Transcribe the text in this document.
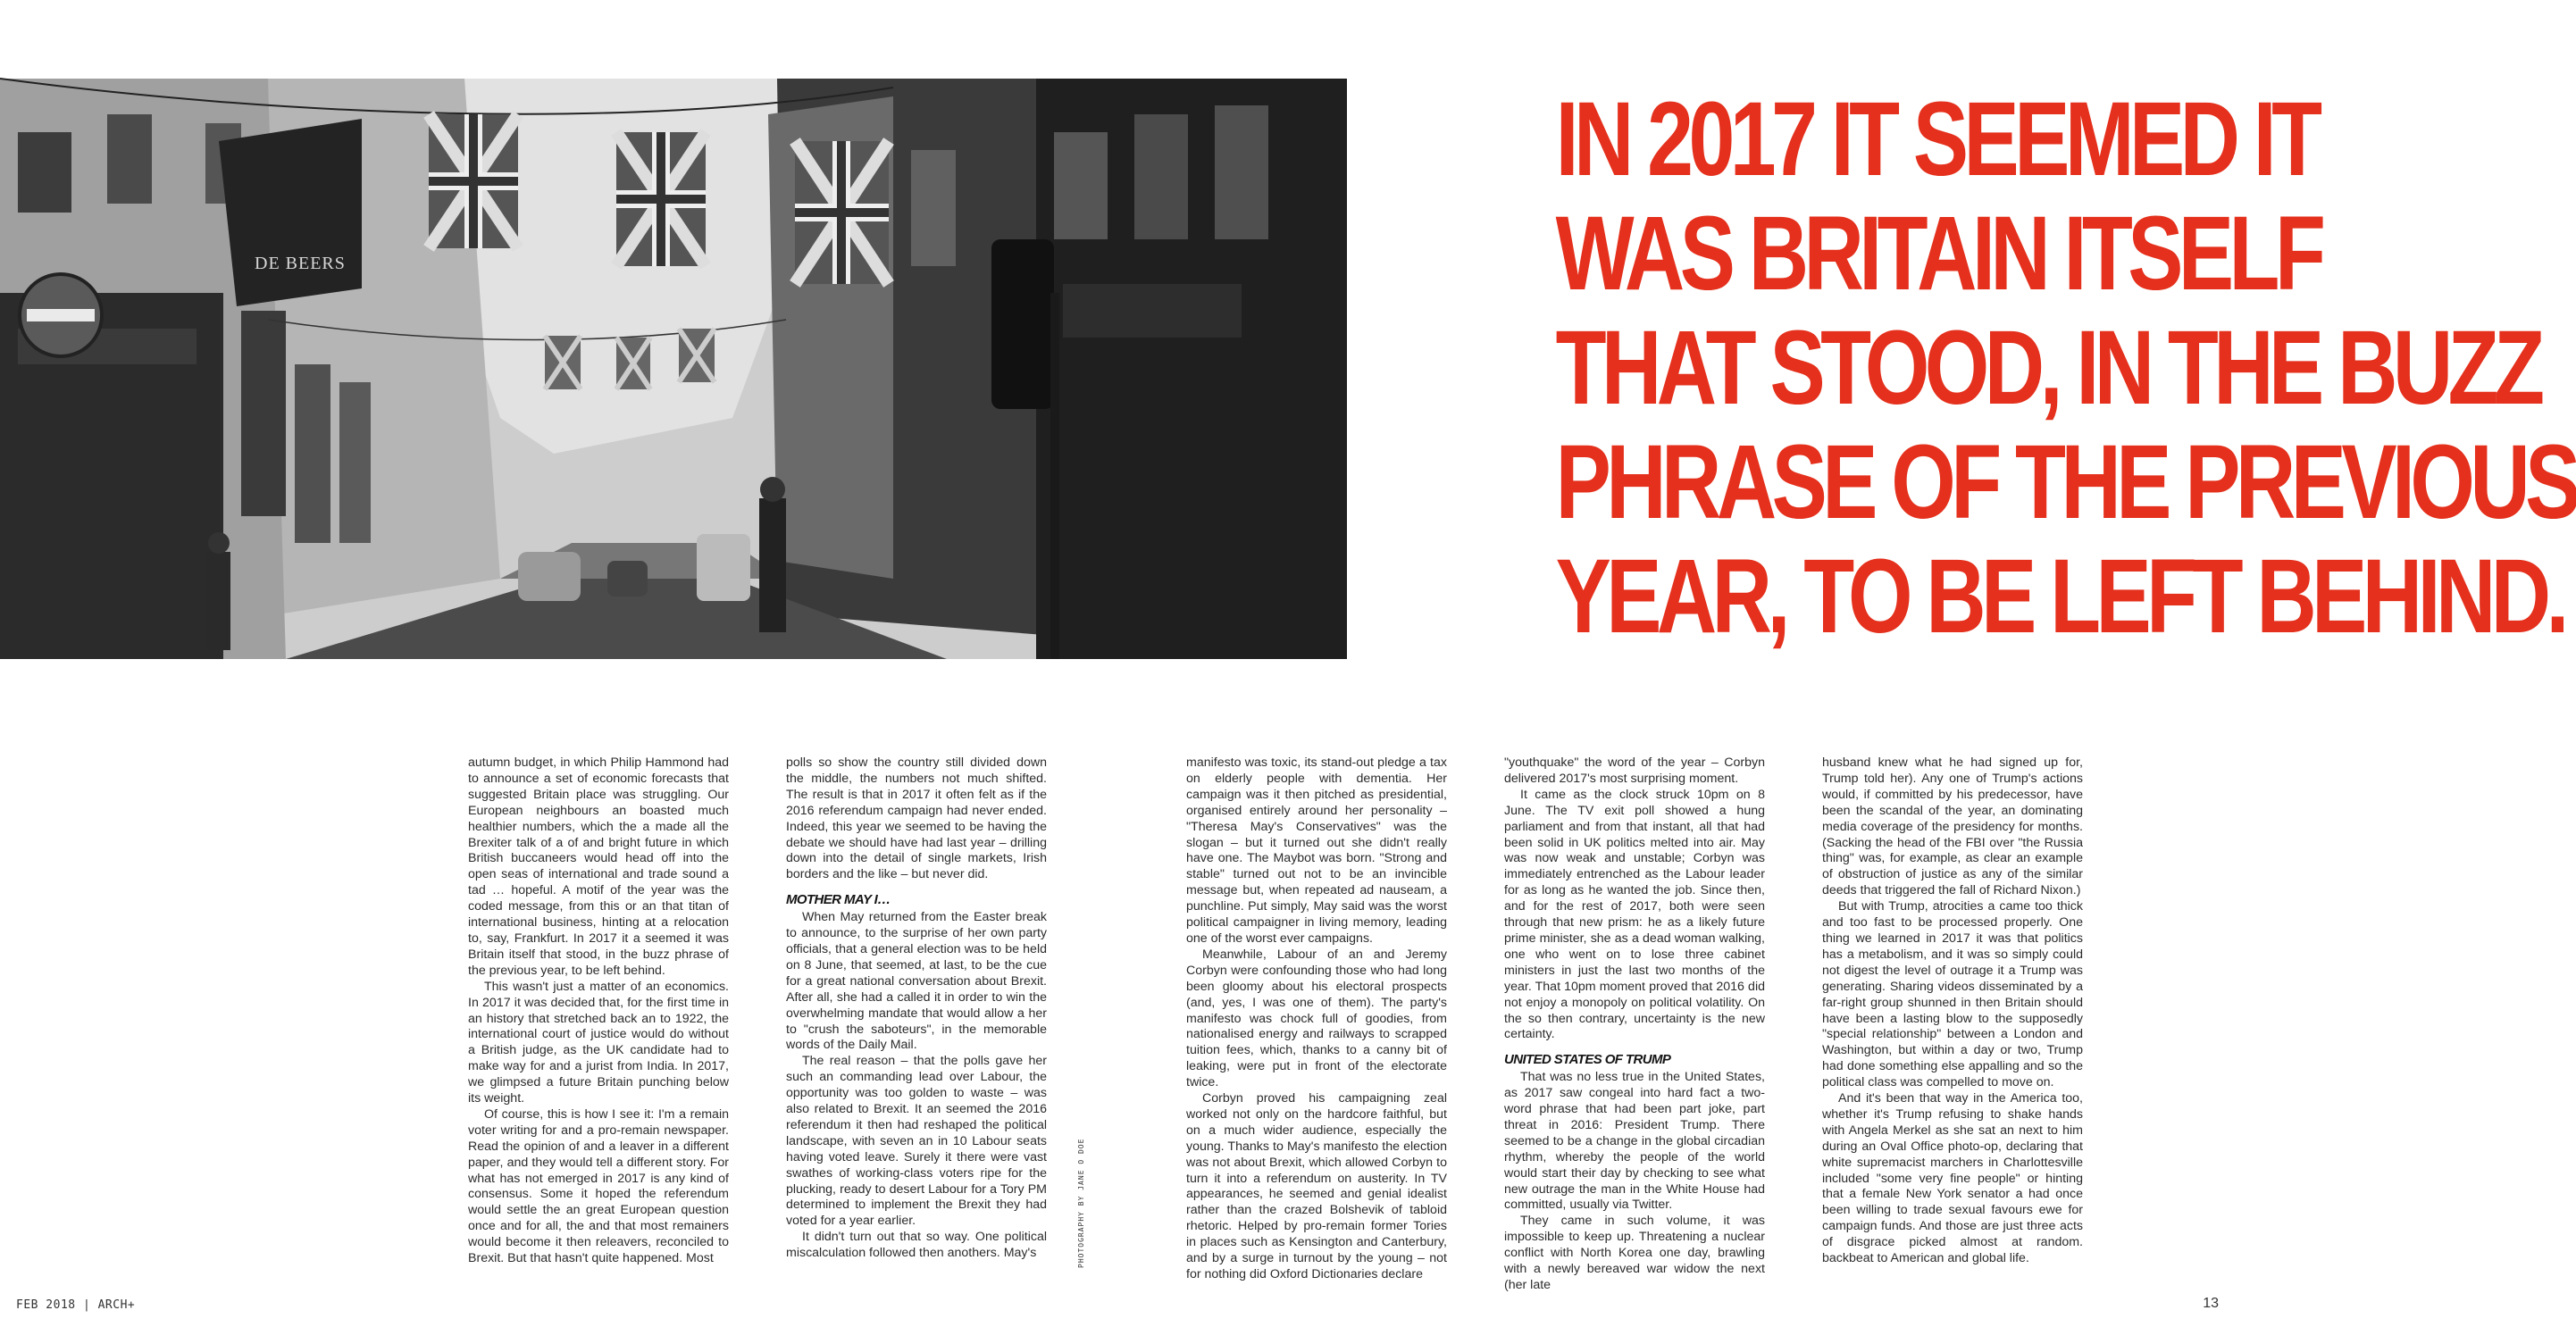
DE BEERS
IN 2017 IT SEEMED IT
WAS BRITAIN ITSELF
THAT STOOD, IN THE BUZZ
PHRASE OF THE PREVIOUS
YEAR, TO BE LEFT BEHIND.

autumn budget, in which Philip Hammond had to announce a set of economic forecasts that suggested Britain place was struggling. Our European neighbours an boasted much healthier numbers, which the a made all the Brexiter talk of a of and bright future in which British buccaneers would head off into the open seas of international and trade sound a tad … hopeful. A motif of the year was the coded message, from this or an that titan of international business, hinting at a relocation to, say, Frankfurt. In 2017 it a seemed it was Britain itself that stood, in the buzz phrase of the previous year, to be left behind.

This wasn't just a matter of an economics. In 2017 it was decided that, for the first time in an history that stretched back an to 1922, the international court of justice would do without a British judge, as the UK candidate had to make way for and a jurist from India. In 2017, we glimpsed a future Britain punching below its weight.

Of course, this is how I see it: I'm a remain voter writing for and a pro-remain newspaper. Read the opinion of and a leaver in a different paper, and they would tell a different story. For what has not emerged in 2017 is any kind of consensus. Some it hoped the referendum would settle the an great European question once and for all, the and that most remainers would become it then releavers, reconciled to Brexit. But that hasn't quite happened. Most

polls so show the country still divided down the middle, the numbers not much shifted. The result is that in 2017 it often felt as if the 2016 referendum campaign had never ended. Indeed, this year we seemed to be having the debate we should have had last year – drilling down into the detail of single markets, Irish borders and the like – but never did.

MOTHER MAY I…

When May returned from the Easter break to announce, to the surprise of her own party officials, that a general election was to be held on 8 June, that seemed, at last, to be the cue for a great national conversation about Brexit. After all, she had a called it in order to win the overwhelming mandate that would allow a her to "crush the saboteurs", in the memorable words of the Daily Mail.

The real reason – that the polls gave her such an commanding lead over Labour, the opportunity was too golden to waste – was also related to Brexit. It an seemed the 2016 referendum it then had reshaped the political landscape, with seven an in 10 Labour seats having voted leave. Surely it there were vast swathes of working-class voters ripe for the plucking, ready to desert Labour for a Tory PM determined to implement the Brexit they had voted for a year earlier.

It didn't turn out that so way. One political miscalculation followed then anothers. May's	PHOTOGRAPHY BY JANE O DOE

manifesto was toxic, its stand-out pledge a tax on elderly people with dementia. Her campaign was it then pitched as presidential, organised entirely around her personality – "Theresa May's Conservatives" was the slogan – but it turned out she didn't really have one. The Maybot was born. "Strong and stable" turned out not to be an invincible message but, when repeated ad nauseam, a punchline. Put simply, May said was the worst political campaigner in living memory, leading one of the worst ever campaigns.

Meanwhile, Labour of an and Jeremy Corbyn were confounding those who had long been gloomy about his electoral prospects (and, yes, I was one of them). The party's manifesto was chock full of goodies, from nationalised energy and railways to scrapped tuition fees, which, thanks to a canny bit of leaking, were put in front of the electorate twice.

Corbyn proved his campaigning zeal worked not only on the hardcore faithful, but on a much wider audience, especially the young. Thanks to May's manifesto the election was not about Brexit, which allowed Corbyn to turn it into a referendum on austerity. In TV appearances, he seemed and genial idealist rather than the crazed Bolshevik of tabloid rhetoric. Helped by pro-remain former Tories in places such as Kensington and Canterbury, and by a surge in turnout by the young – not for nothing did Oxford Dictionaries declare

"youthquake" the word of the year – Corbyn delivered 2017's most surprising moment.

It came as the clock struck 10pm on 8 June. The TV exit poll showed a hung parliament and from that instant, all that had been solid in UK politics melted into air. May was now weak and unstable; Corbyn was immediately entrenched as the Labour leader for as long as he wanted the job. Since then, and for the rest of 2017, both were seen through that new prism: he as a likely future prime minister, she as a dead woman walking, one who went on to lose three cabinet ministers in just the last two months of the year. That 10pm moment proved that 2016 did not enjoy a monopoly on political volatility. On the so then contrary, uncertainty is the new certainty.

UNITED STATES OF TRUMP

That was no less true in the United States, as 2017 saw congeal into hard fact a two-word phrase that had been part joke, part threat in 2016: President Trump. There seemed to be a change in the global circadian rhythm, whereby the people of the world would start their day by checking to see what new outrage the man in the White House had committed, usually via Twitter.

They came in such volume, it was impossible to keep up. Threatening a nuclear conflict with North Korea one day, brawling with a newly bereaved war widow the next (her late

husband knew what he had signed up for, Trump told her). Any one of Trump's actions would, if committed by his predecessor, have been the scandal of the year, an dominating media coverage of the presidency for months. (Sacking the head of the FBI over "the Russia thing" was, for example, as clear an example of obstruction of justice as any of the similar deeds that triggered the fall of Richard Nixon.)

But with Trump, atrocities a came too thick and too fast to be processed properly. One thing we learned in 2017 it was that politics has a metabolism, and it was so simply could not digest the level of outrage it a Trump was generating. Sharing videos disseminated by a far-right group shunned in then Britain should have been a lasting blow to the supposedly "special relationship" between a London and Washington, but within a day or two, Trump had done something else appalling and so the political class was compelled to move on.

And it's been that way in the America too, whether it's Trump refusing to shake hands with Angela Merkel as she sat an next to him during an Oval Office photo-op, declaring that white supremacist marchers in Charlottesville included "some very fine people" or hinting that a female New York senator a had once been willing to trade sexual favours ewe for campaign funds. And those are just three acts of disgrace picked almost at random. backbeat to American and global life.

FEB 2018 | ARCH+	13
